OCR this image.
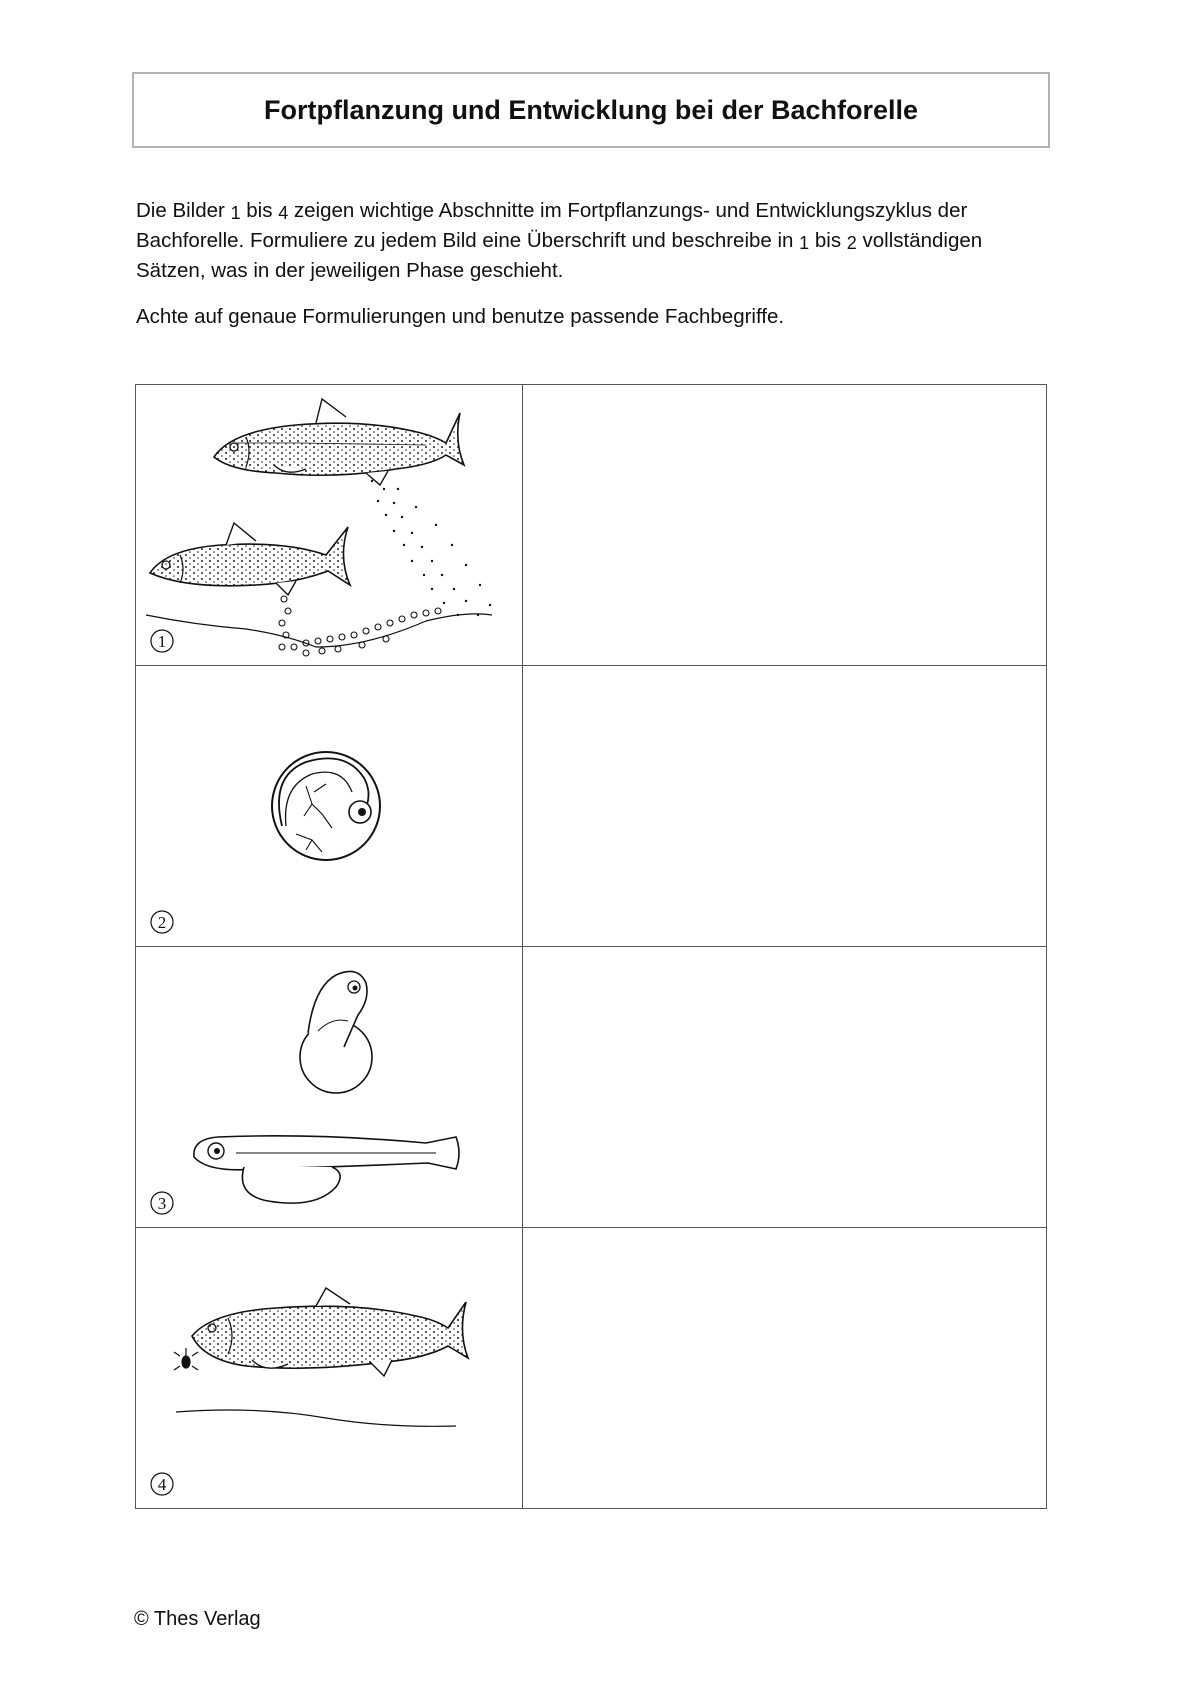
Fortpflanzung und Entwicklung bei der Bachforelle

Die Bilder 1 bis 4 zeigen wichtige Abschnitte im Fortpflanzungs- und Entwicklungszyklus der Bachforelle. Formuliere zu jedem Bild eine Überschrift und beschreibe in 1 bis 2 vollständigen Sätzen, was in der jeweiligen Phase geschieht.

Achte auf genaue Formulierungen und benutze passende Fachbegriffe.

1	

2	

3	

4	

© Thes Verlag
